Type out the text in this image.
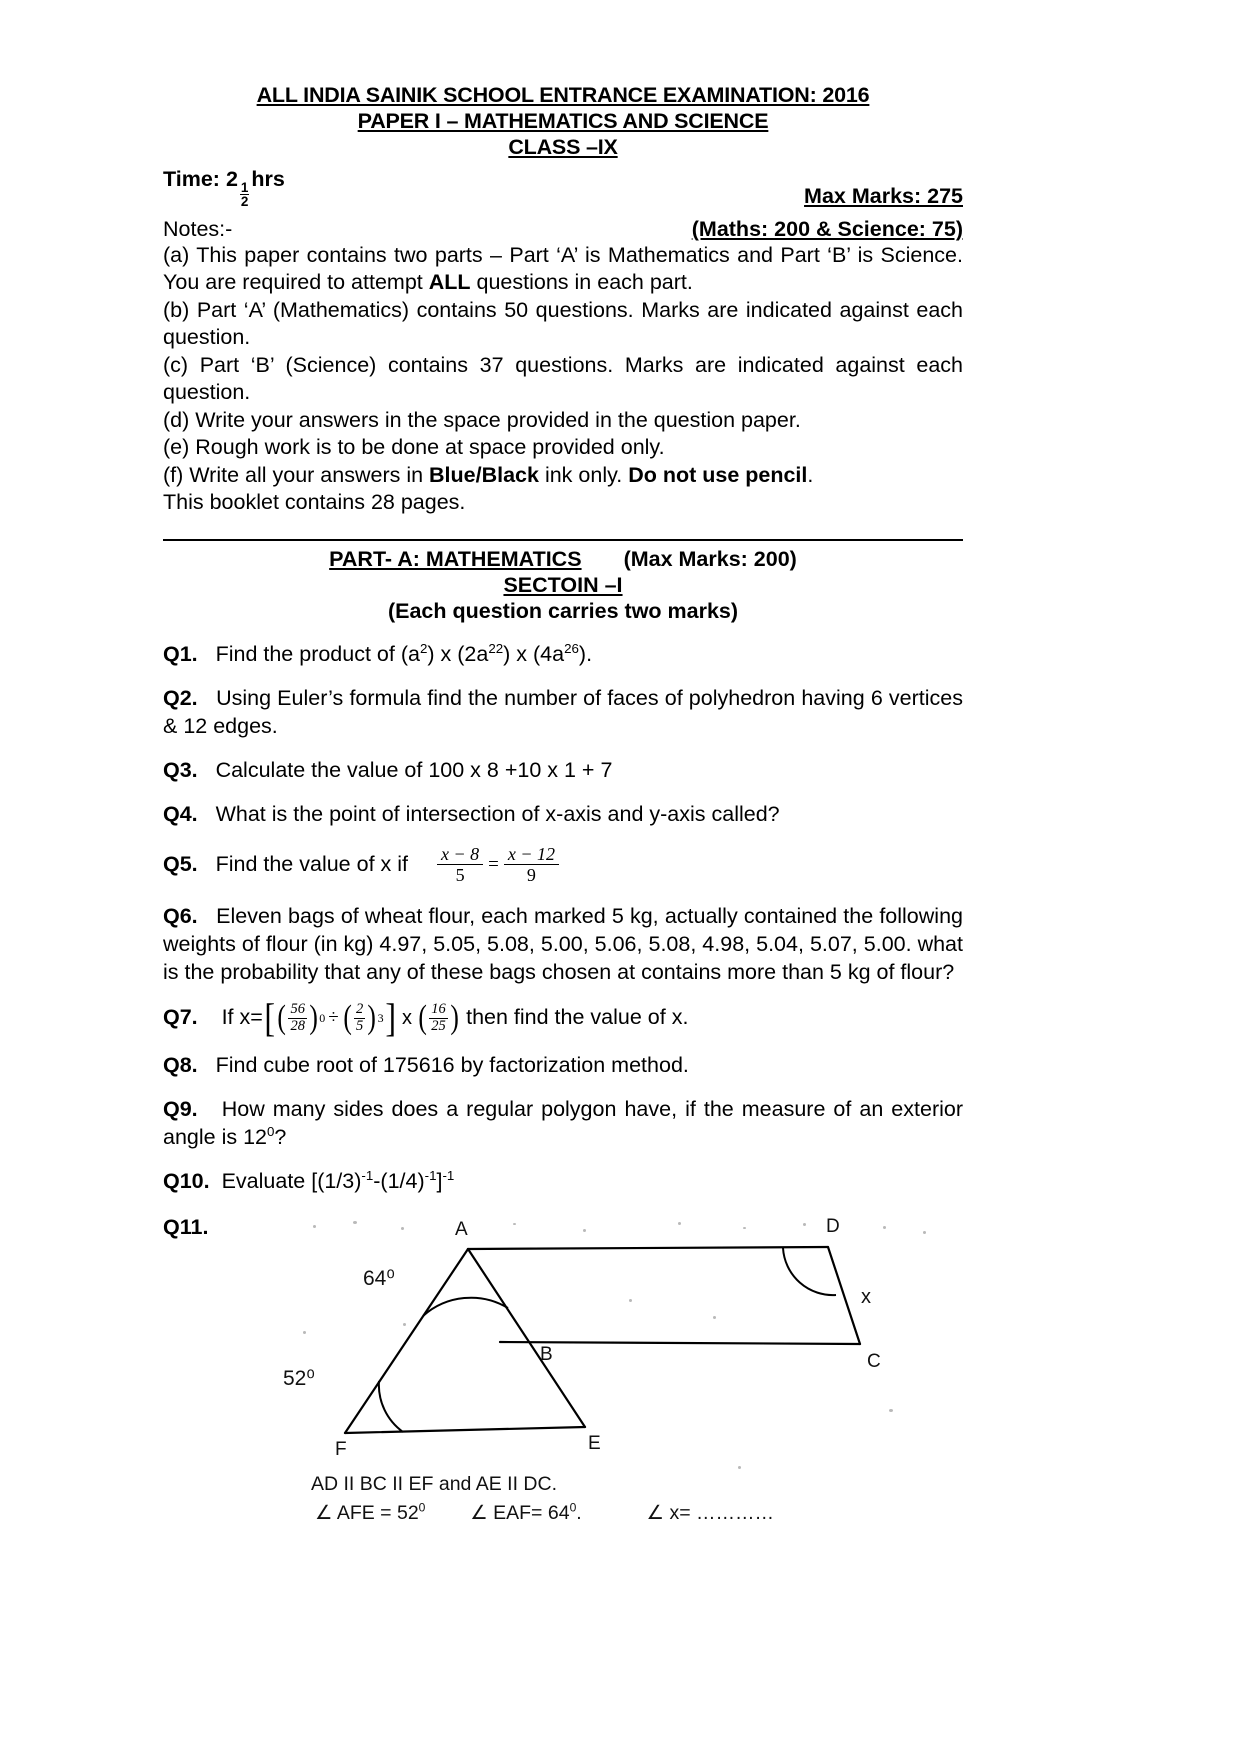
ALL INDIA SAINIK SCHOOL ENTRANCE EXAMINATION: 2016
PAPER I – MATHEMATICS AND SCIENCE
CLASS –IX
Time: 2
$\frac{1}{2}$
hrs
Max Marks: 275
Notes:-	(Maths: 200 & Science: 75)

(a) This paper contains two parts – Part ‘A’ is Mathematics and Part ‘B’ is Science. You are required to attempt ALL questions in each part.

(b) Part ‘A’ (Mathematics) contains 50 questions. Marks are indicated against each question.

(c) Part ‘B’ (Science) contains 37 questions. Marks are indicated against each question.

(d) Write your answers in the space provided in the question paper.

(e) Rough work is to be done at space provided only.

(f) Write all your answers in Blue/Black ink only. Do not use pencil.

This booklet contains 28 pages.

PART- A: MATHEMATICS (Max Marks: 200)
SECTOIN –I
(Each question carries two marks)
Q1. Find the product of $(a^2)$ x $(2a^{22})$ x $(4a^{26})$.
Q2. Using Euler’s formula find the number of faces of polyhedron having 6 vertices & 12 edges.
Q3. Calculate the value of 100 x 8 +10 x 1 + 7
Q4. What is the point of intersection of x-axis and y-axis called?
Q5. Find the value of x if $\frac{x - 8}{5} = \frac{x - 12}{9}$
Q6. Eleven bags of wheat flour, each marked 5 kg, actually contained the following weights of flour (in kg) 4.97, 5.05, 5.08, 5.00, 5.06, 5.08, 4.98, 5.04, 5.07, 5.00. what is the probability that any of these bags chosen at contains more than 5 kg of flour?
Q7. If x= [ ( $\frac{56}{28}$ ) 0 ÷ ( $\frac{2}{5}$ ) 3 ] x ( $\frac{16}{25}$ ) then find the value of x.
Q8. Find cube root of 175616 by factorization method.
Q9. How many sides does a regular polygon have, if the measure of an exterior angle is $12^0$?
Q10. Evaluate $[(1/3)^{-1}-(1/4)^{-1}]^{-1}$
Q11.	A	D
B	C
F	E
64⁰
52⁰
x
AD II BC II EF and AE II DC.
∠ AFE = $52^0$ ∠ $EAF= 64^0$.	∠ x= …………
